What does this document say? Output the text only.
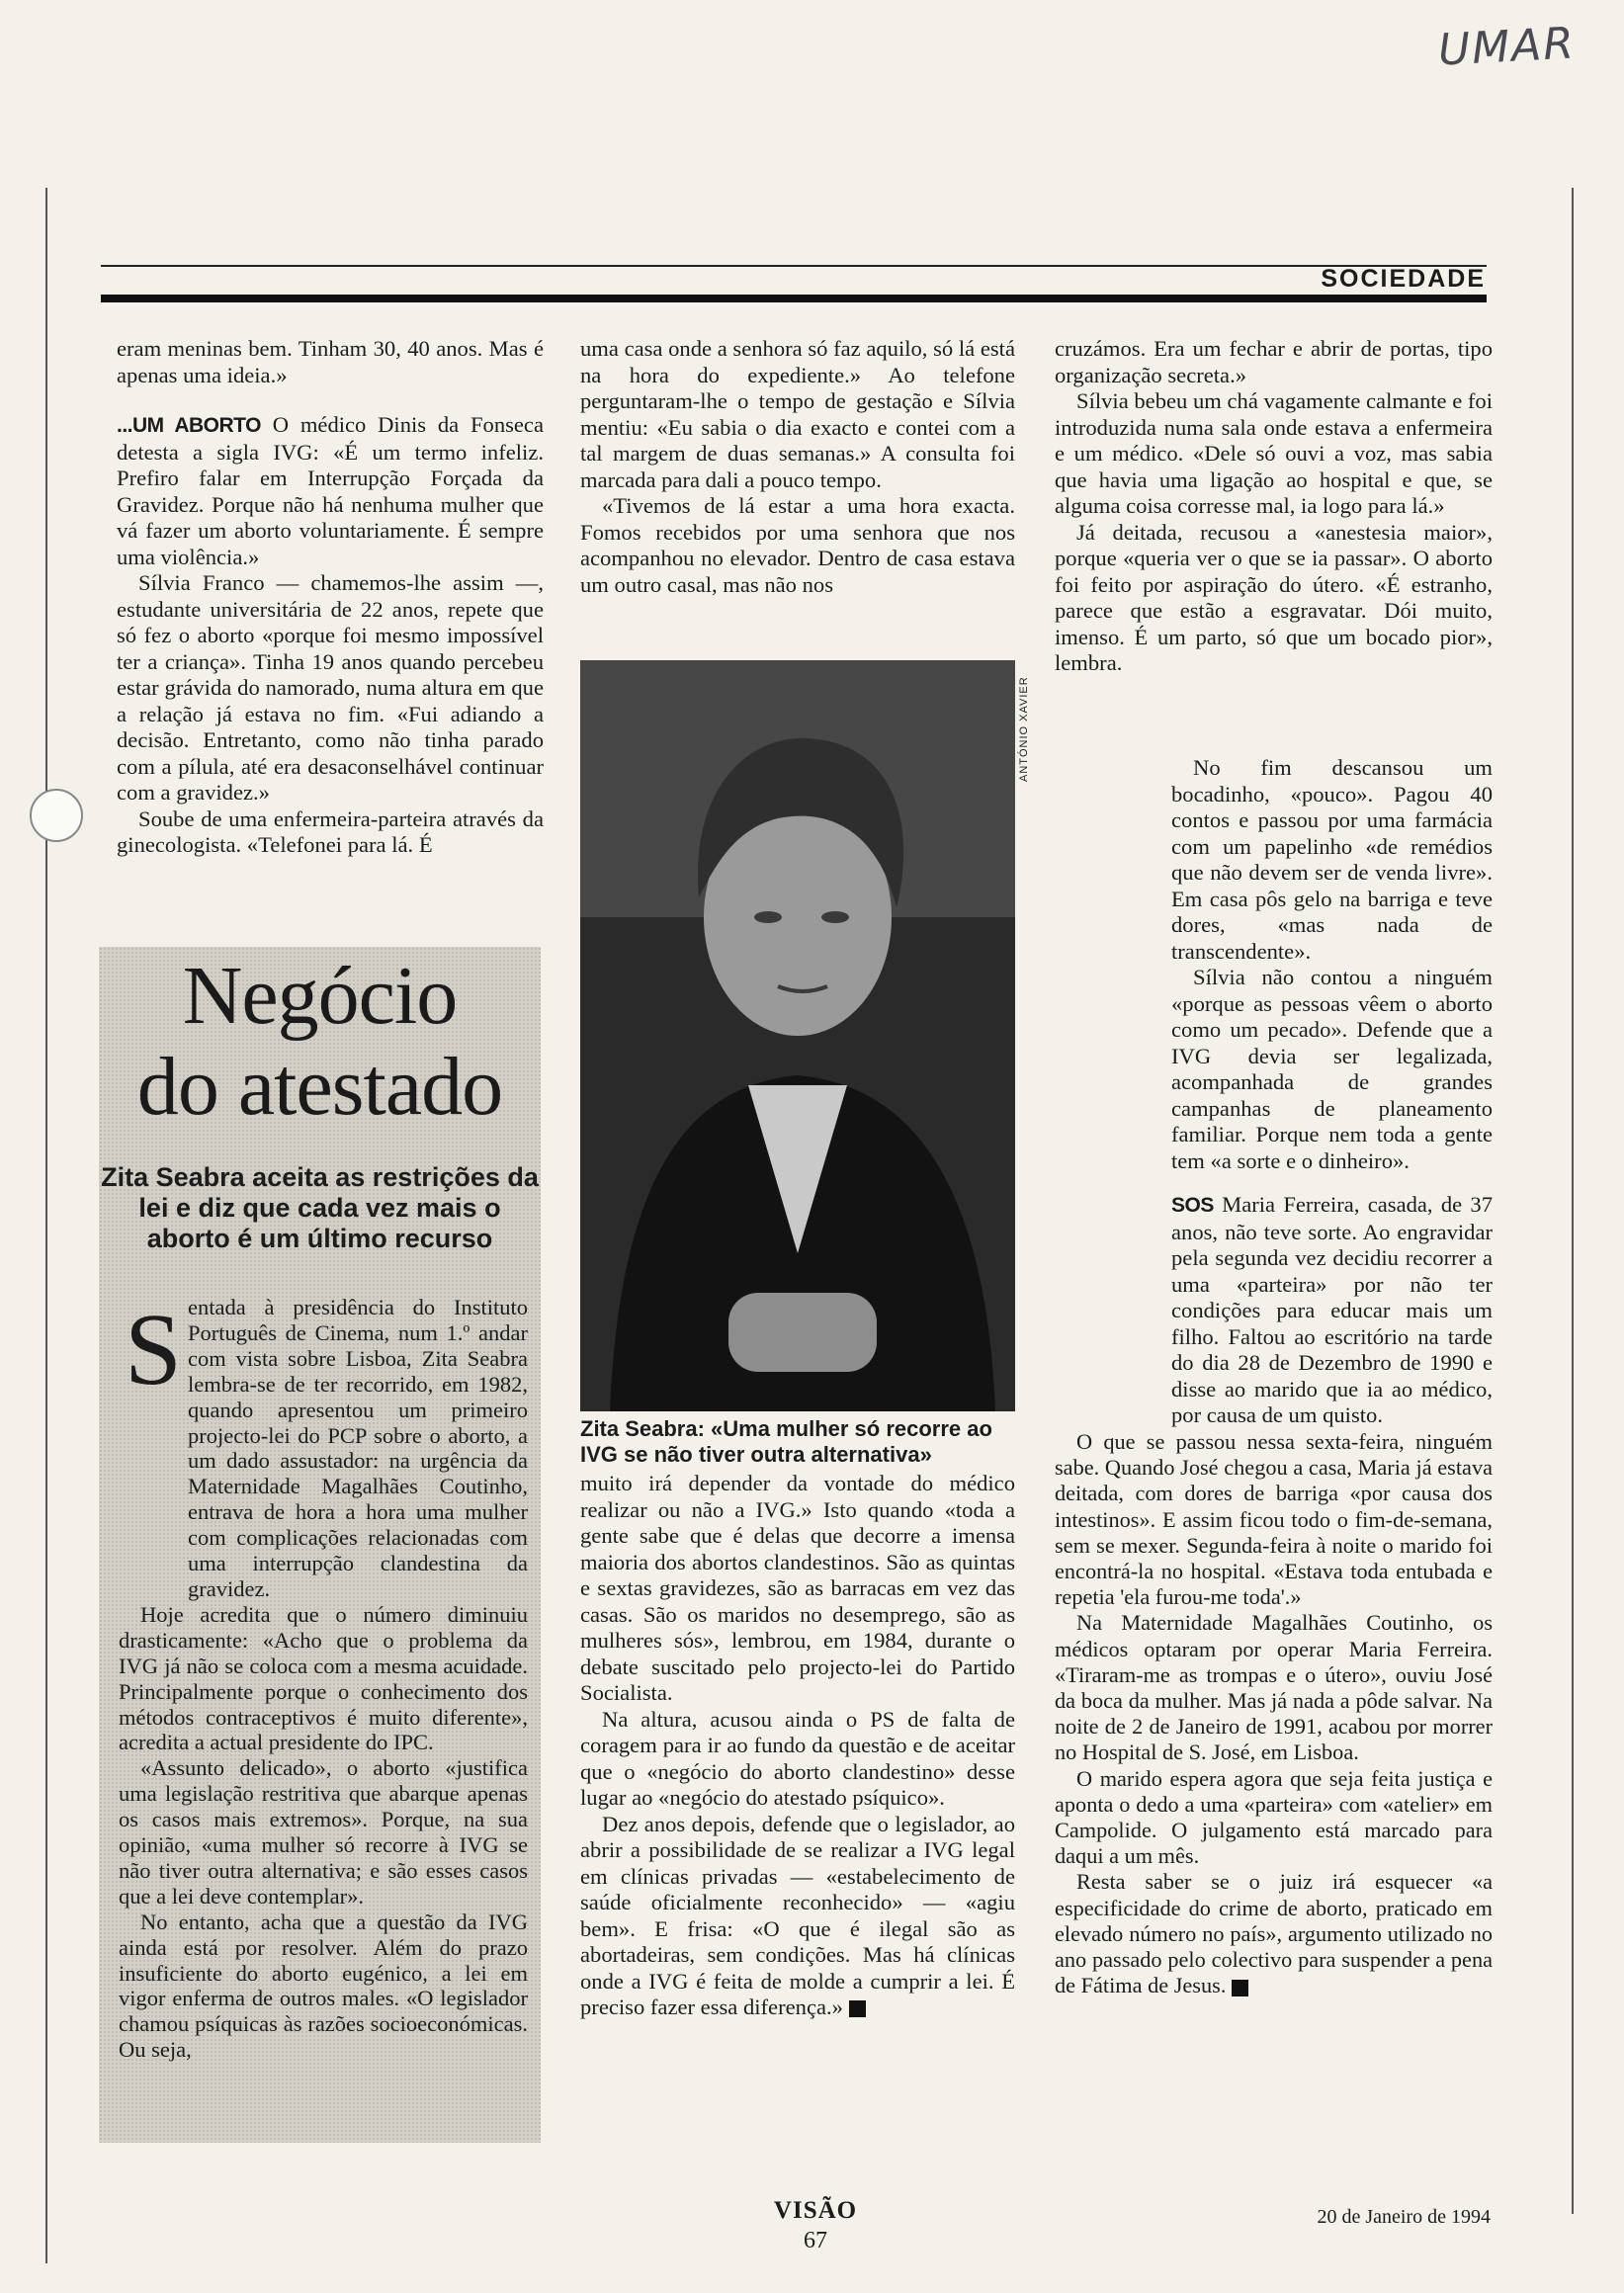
UMAR
SOCIEDADE

eram meninas bem. Tinham 30, 40 anos. Mas é apenas uma ideia.»

...UM ABORTO O médico Dinis da Fonseca detesta a sigla IVG: «É um termo infeliz. Prefiro falar em Interrupção Forçada da Gravidez. Porque não há nenhuma mulher que vá fazer um aborto voluntariamente. É sempre uma violência.»

Sílvia Franco — chamemos-lhe assim —, estudante universitária de 22 anos, repete que só fez o aborto «porque foi mesmo impossível ter a criança». Tinha 19 anos quando percebeu estar grávida do namorado, numa altura em que a relação já estava no fim. «Fui adiando a decisão. Entretanto, como não tinha parado com a pílula, até era desaconselhável continuar com a gravidez.»

Soube de uma enfermeira-parteira através da ginecologista. «Telefonei para lá. É

Negócio
do atestado
Zita Seabra aceita as restrições da lei e diz que cada vez mais o aborto é um último recurso
S entada à presidência do Instituto Português de Cinema, num 1.º andar com vista sobre Lisboa, Zita Seabra lembra-se de ter recorrido, em 1982, quando apresentou um primeiro projecto-lei do PCP sobre o aborto, a um dado assustador: na urgência da Maternidade Magalhães Coutinho, entrava de hora a hora uma mulher com complicações relacionadas com uma interrupção clandestina da gravidez.

Hoje acredita que o número diminuiu drasticamente: «Acho que o problema da IVG já não se coloca com a mesma acuidade. Principalmente porque o conhecimento dos métodos contraceptivos é muito diferente», acredita a actual presidente do IPC.

«Assunto delicado», o aborto «justifica uma legislação restritiva que abarque apenas os casos mais extremos». Porque, na sua opinião, «uma mulher só recorre à IVG se não tiver outra alternativa; e são esses casos que a lei deve contemplar».

No entanto, acha que a questão da IVG ainda está por resolver. Além do prazo insuficiente do aborto eugénico, a lei em vigor enferma de outros males. «O legislador chamou psíquicas às razões socioeconómicas. Ou seja,

uma casa onde a senhora só faz aquilo, só lá está na hora do expediente.» Ao telefone perguntaram-lhe o tempo de gestação e Sílvia mentiu: «Eu sabia o dia exacto e contei com a tal margem de duas semanas.» A consulta foi marcada para dali a pouco tempo.

«Tivemos de lá estar a uma hora exacta. Fomos recebidos por uma senhora que nos acompanhou no elevador. Dentro de casa estava um outro casal, mas não nos

ANTÓNIO XAVIER
Zita Seabra: «Uma mulher só recorre ao IVG se não tiver outra alternativa»

muito irá depender da vontade do médico realizar ou não a IVG.» Isto quando «toda a gente sabe que é delas que decorre a imensa maioria dos abortos clandestinos. São as quintas e sextas gravidezes, são as barracas em vez das casas. São os maridos no desemprego, são as mulheres sós», lembrou, em 1984, durante o debate suscitado pelo projecto-lei do Partido Socialista.

Na altura, acusou ainda o PS de falta de coragem para ir ao fundo da questão e de aceitar que o «negócio do aborto clandestino» desse lugar ao «negócio do atestado psíquico».

Dez anos depois, defende que o legislador, ao abrir a possibilidade de se realizar a IVG legal em clínicas privadas — «estabelecimento de saúde oficialmente reconhecido» — «agiu bem». E frisa: «O que é ilegal são as abortadeiras, sem condições. Mas há clínicas onde a IVG é feita de molde a cumprir a lei. É preciso fazer essa diferença.» V

cruzámos. Era um fechar e abrir de portas, tipo organização secreta.»

Sílvia bebeu um chá vagamente calmante e foi introduzida numa sala onde estava a enfermeira e um médico. «Dele só ouvi a voz, mas sabia que havia uma ligação ao hospital e que, se alguma coisa corresse mal, ia logo para lá.»

Já deitada, recusou a «anestesia maior», porque «queria ver o que se ia passar». O aborto foi feito por aspiração do útero. «É estranho, parece que estão a esgravatar. Dói muito, imenso. É um parto, só que um bocado pior», lembra.

No fim descansou um bocadinho, «pouco». Pagou 40 contos e passou por uma farmácia com um papelinho «de remédios que não devem ser de venda livre». Em casa pôs gelo na barriga e teve dores, «mas nada de transcendente».

Sílvia não contou a ninguém «porque as pessoas vêem o aborto como um pecado». Defende que a IVG devia ser legalizada, acompanhada de grandes campanhas de planeamento familiar. Porque nem toda a gente tem «a sorte e o dinheiro».

SOS Maria Ferreira, casada, de 37 anos, não teve sorte. Ao engravidar pela segunda vez decidiu recorrer a uma «parteira» por não ter condições para educar mais um filho. Faltou ao escritório na tarde do dia 28 de Dezembro de 1990 e disse ao marido que ia ao médico, por causa de um quisto.

O que se passou nessa sexta-feira, ninguém sabe. Quando José chegou a casa, Maria já estava deitada, com dores de barriga «por causa dos intestinos». E assim ficou todo o fim-de-semana, sem se mexer. Segunda-feira à noite o marido foi encontrá-la no hospital. «Estava toda entubada e repetia 'ela furou-me toda'.»

Na Maternidade Magalhães Coutinho, os médicos optaram por operar Maria Ferreira. «Tiraram-me as trompas e o útero», ouviu José da boca da mulher. Mas já nada a pôde salvar. Na noite de 2 de Janeiro de 1991, acabou por morrer no Hospital de S. José, em Lisboa.

O marido espera agora que seja feita justiça e aponta o dedo a uma «parteira» com «atelier» em Campolide. O julgamento está marcado para daqui a um mês.

Resta saber se o juiz irá esquecer «a especificidade do crime de aborto, praticado em elevado número no país», argumento utilizado no ano passado pelo colectivo para suspender a pena de Fátima de Jesus. V

VISÃO
67
20 de Janeiro de 1994
